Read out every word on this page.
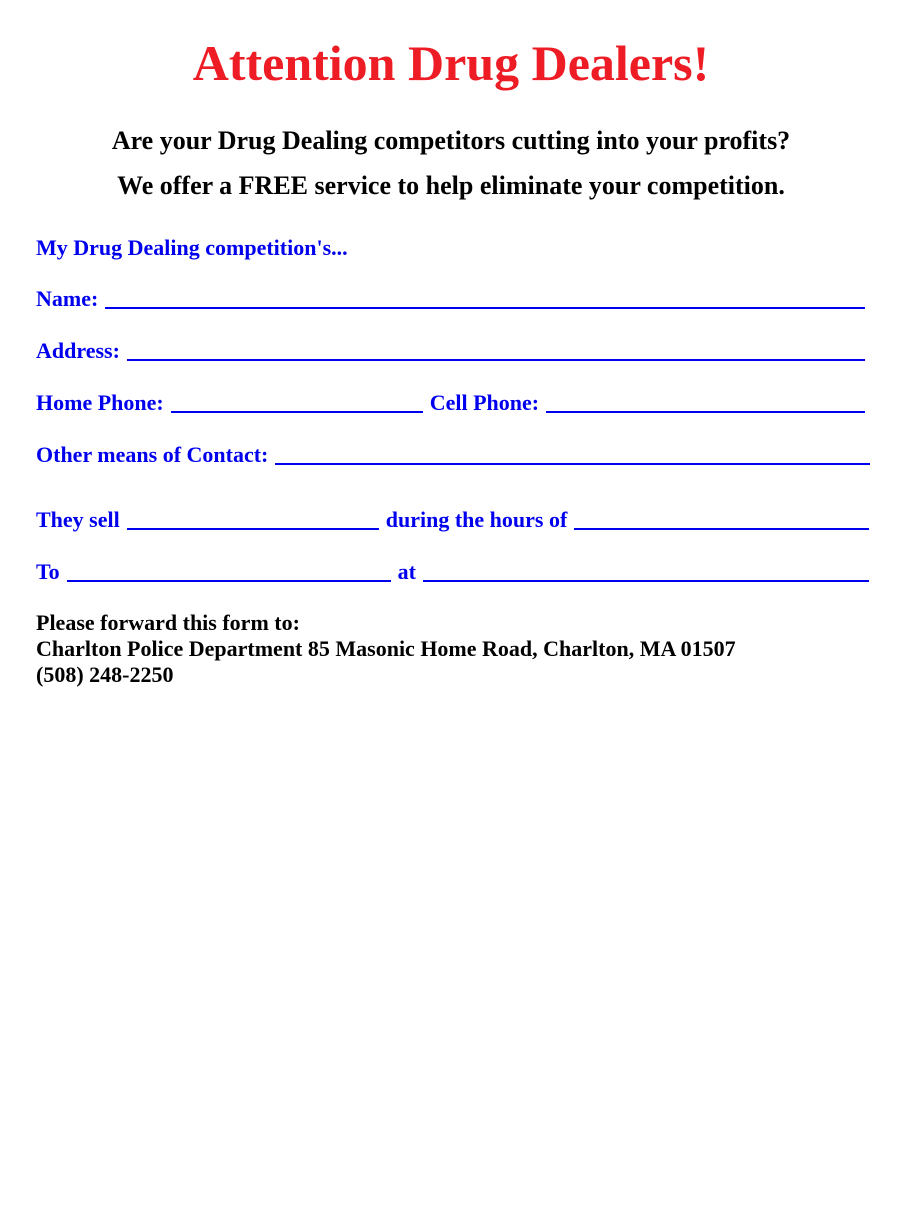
Attention Drug Dealers!
Are your Drug Dealing competitors cutting into your profits?
We offer a FREE service to help eliminate your competition.
My Drug Dealing competition's...
Name:
Address:
Home Phone:	Cell Phone:
Other means of Contact:
They sell	during the hours of
To	at
Please forward this form to:
Charlton Police Department 85 Masonic Home Road, Charlton, MA 01507
(508) 248-2250
